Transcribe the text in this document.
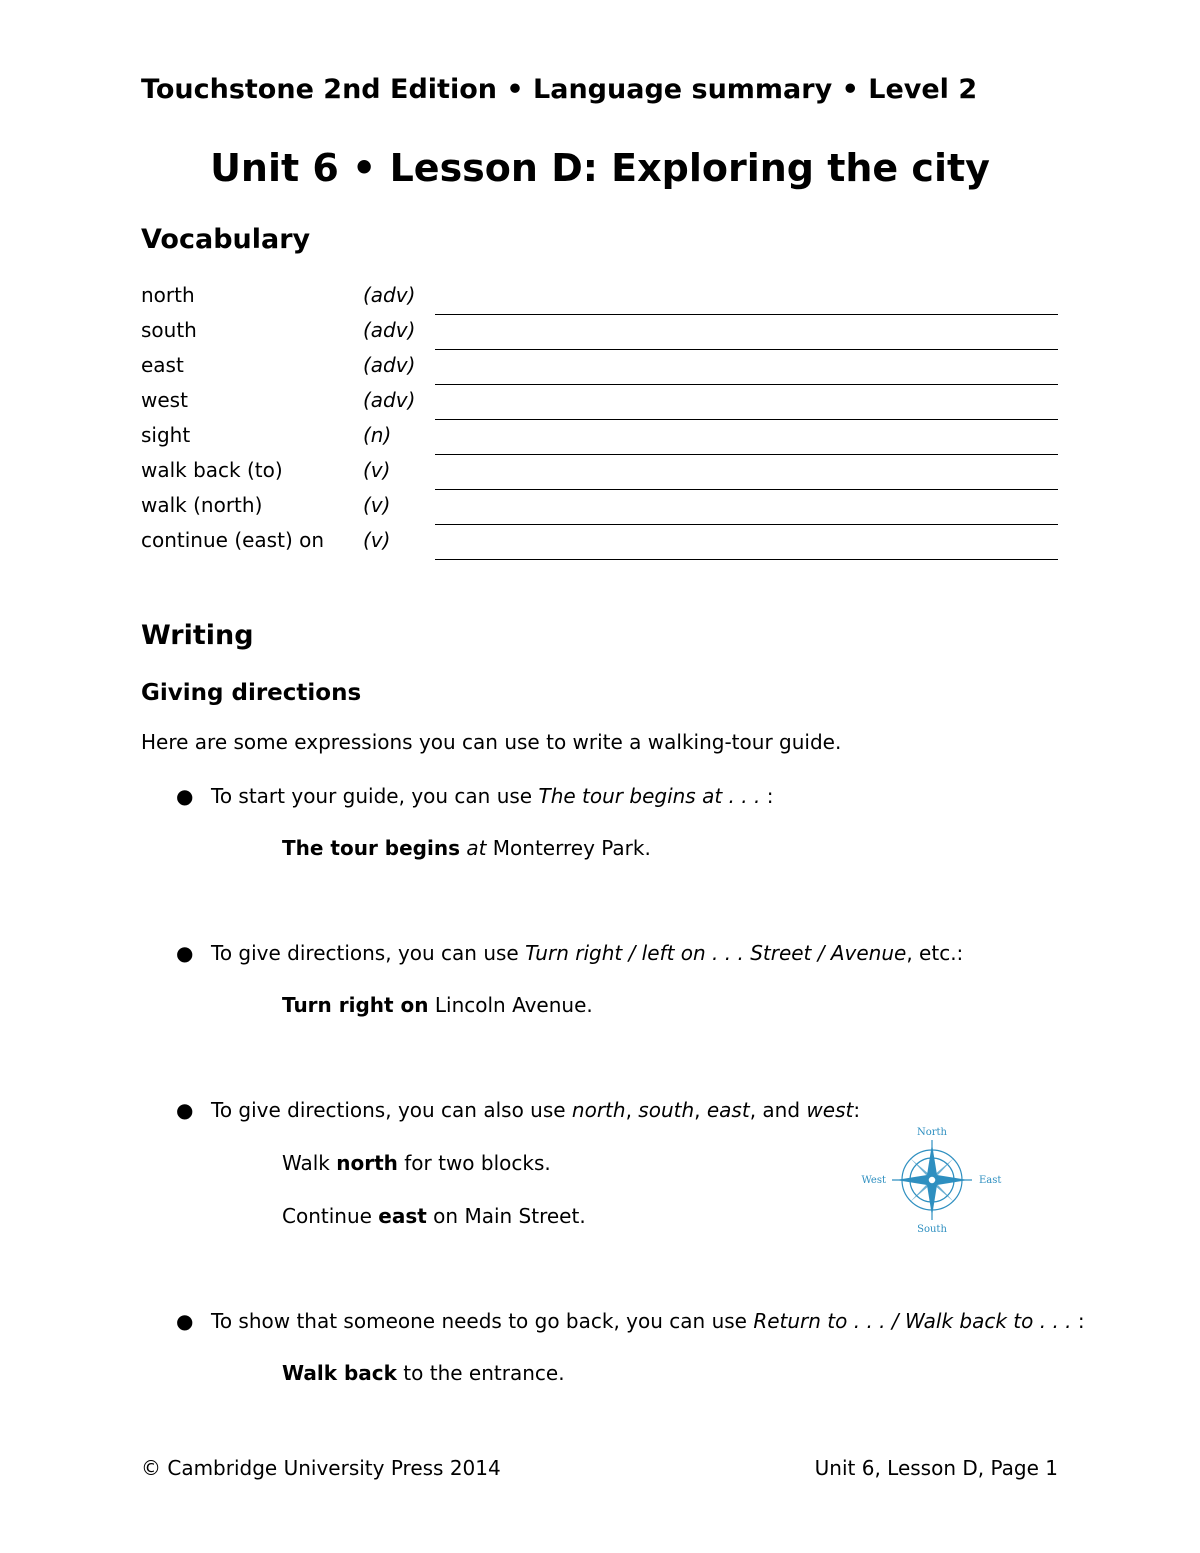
Touchstone 2nd Edition • Language summary • Level 2
Unit 6 • Lesson D: Exploring the city
Vocabulary
north	(adv)
south	(adv)
east	(adv)
west	(adv)
sight	(n)
walk back (to)	(v)
walk (north)	(v)
continue (east) on (v)
Writing
Giving directions
Here are some expressions you can use to write a walking-tour guide.
● To start your guide, you can use The tour begins at . . . :
The tour begins at Monterrey Park.
● To give directions, you can use Turn right / left on . . . Street / Avenue, etc.:
Turn right on Lincoln Avenue.
● To give directions, you can also use north, south, east, and west:
Walk north for two blocks.
Continue east on Main Street.
North
South
East
West
● To show that someone needs to go back, you can use Return to . . . / Walk back to . . . :
Walk back to the entrance.
© Cambridge University Press 2014	Unit 6, Lesson D, Page 1
